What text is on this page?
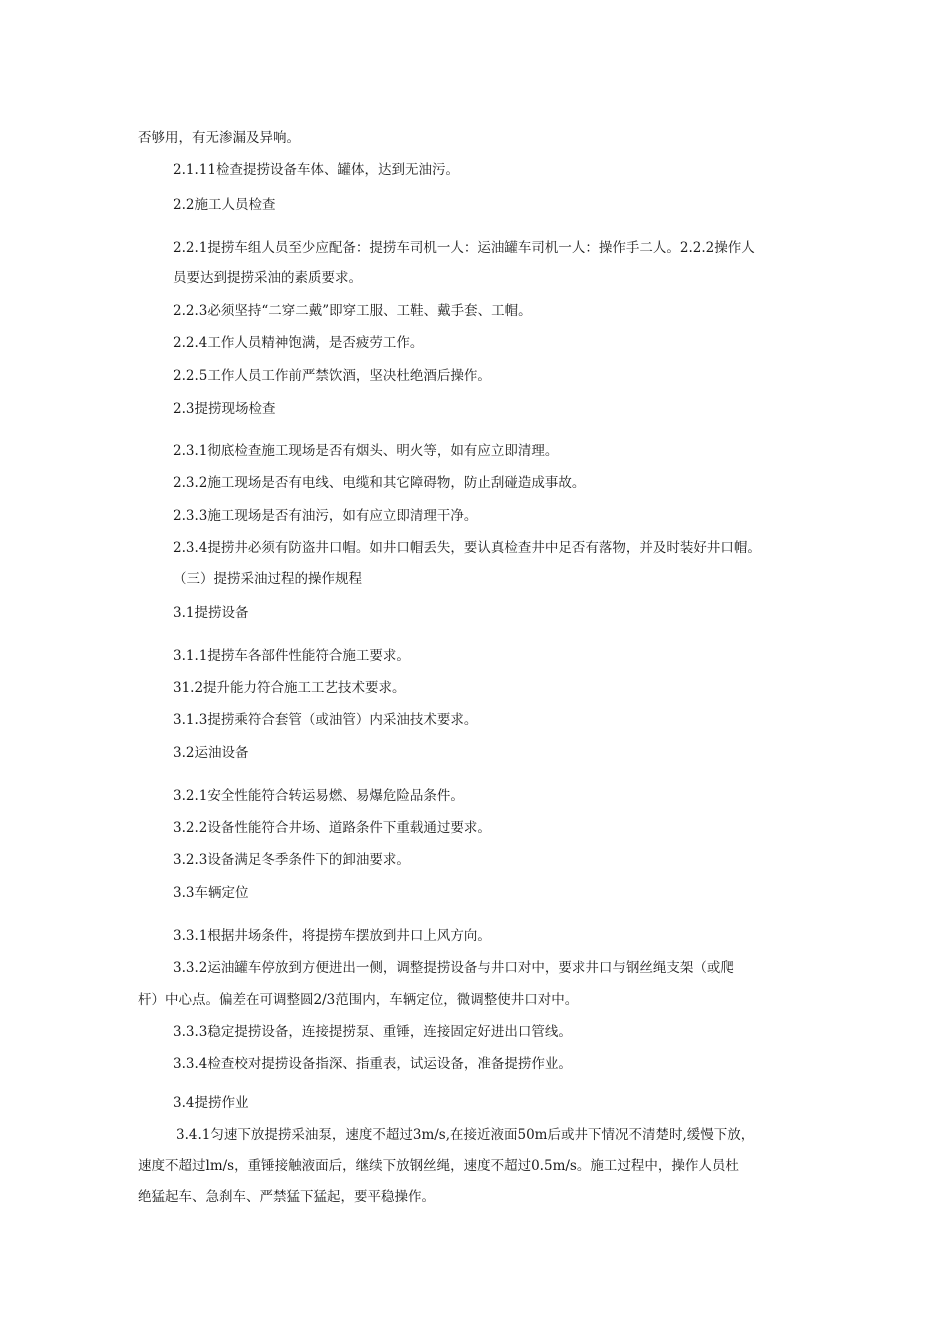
否够用，有无渗漏及异响。

2.1.11检查提捞设备车体、罐体，达到无油污。

2.2施工人员检查

2.2.1提捞车组人员至少应配备：提捞车司机一人：运油罐车司机一人：操作手二人。2.2.2操作人

员要达到提捞采油的素质要求。

2.2.3必须坚持“二穿二戴”即穿工服、工鞋、戴手套、工帽。

2.2.4工作人员精神饱满，是否疲劳工作。

2.2.5工作人员工作前严禁饮酒，坚决杜绝酒后操作。

2.3提捞现场检查

2.3.1彻底检查施工现场是否有烟头、明火等，如有应立即清理。

2.3.2施工现场是否有电线、电缆和其它障碍物，防止刮碰造成事故。

2.3.3施工现场是否有油污，如有应立即清理干净。

2.3.4提捞井必须有防盗井口帽。如井口帽丢失，要认真检查井中足否有落物，并及时装好井口帽。

（三）提捞采油过程的操作规程

3.1提捞设备

3.1.1提捞车各部件性能符合施工要求。

31.2提升能力符合施工工艺技术要求。

3.1.3提捞乘符合套管（或油管）内采油技术要求。

3.2运油设备

3.2.1安全性能符合转运易燃、易爆危险品条件。

3.2.2设备性能符合井场、道路条件下重载通过要求。

3.2.3设备满足冬季条件下的卸油要求。

3.3车辆定位

3.3.1根据井场条件，将提捞车摆放到井口上风方向。

3.3.2运油罐车停放到方便进出一侧，调整提捞设备与井口对中，要求井口与钢丝绳支架（或爬

杆）中心点。偏差在可调整圆2/3范围内，车辆定位，微调整使井口对中。

3.3.3稳定提捞设备，连接提捞泵、重锤，连接固定好进出口管线。

3.3.4检查校对提捞设备指深、指重表，试运设备，准备提捞作业。

3.4提捞作业

3.4.1匀速下放提捞采油泵，速度不超过3m/s,在接近液面50m后或井下情况不清楚时,缓慢下放，

速度不超过lm/s，重锤接触液面后，继续下放钢丝绳，速度不超过0.5m/s。施工过程中，操作人员杜

绝猛起车、急刹车、严禁猛下猛起，要平稳操作。
